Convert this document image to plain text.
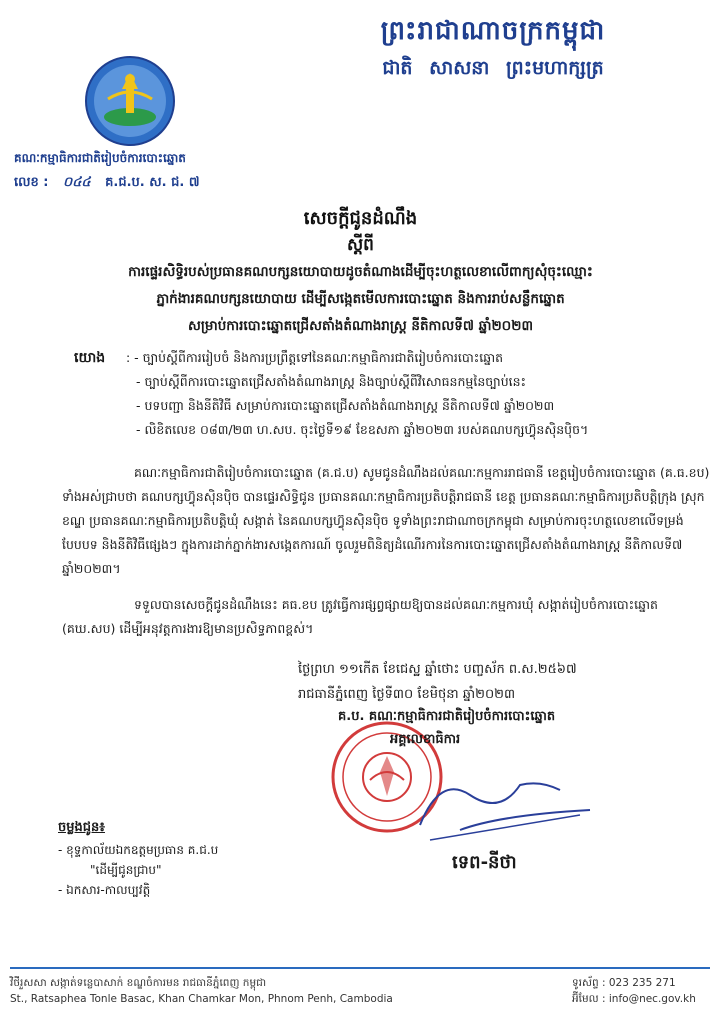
ព្រះរាជាណាចក្រកម្ពុជា
ជាតិ សាសនា ព្រះមហាក្សត្រ
គណៈកម្មាធិការជាតិរៀបចំការបោះឆ្នោត
លេខ : ០៤៤ គ.ជ.ប. ស. ជ. ៧
សេចក្តីជូនដំណឹង
ស្តីពី
ការផ្ទេរសិទ្ធិរបស់ប្រធានគណបក្សនយោបាយដូចតំណាងដើម្បីចុះហត្ថលេខាលើពាក្យសុំចុះឈ្មោះ
ភ្នាក់ងារគណបក្សនយោបាយ ដើម្បីសង្កេតមើលការបោះឆ្នោត និងការរាប់សន្លឹកឆ្នោត
សម្រាប់ការបោះឆ្នោតជ្រើសតាំងតំណាងរាស្ត្រ នីតិកាលទី៧ ឆ្នាំ២០២៣
យោង : - ច្បាប់ស្តីពីការរៀបចំ និងការប្រព្រឹត្តទៅនៃគណៈកម្មាធិការជាតិរៀបចំការបោះឆ្នោត
- ច្បាប់ស្តីពីការបោះឆ្នោតជ្រើសតាំងតំណាងរាស្ត្រ និងច្បាប់ស្តីពីវិសោធនកម្មនៃច្បាប់នេះ
- បទបញ្ជា និងនីតិវិធី សម្រាប់ការបោះឆ្នោតជ្រើសតាំងតំណាងរាស្ត្រ នីតិកាលទី៧ ឆ្នាំ២០២៣
- លិខិតលេខ ០៨៣/២៣ ហ.សប. ចុះថ្ងៃទី១៩ ខែឧសភា ឆ្នាំ២០២៣ របស់គណបក្សហ៊្វុនស៊ិនប៉ិច។
គណៈកម្មាធិការជាតិរៀបចំការបោះឆ្នោត (គ.ជ.ប) សូមជូនដំណឹងដល់គណៈកម្មការរាជធានី ខេត្តរៀបចំការបោះឆ្នោត (គ.ធ.ខប) ទាំងអស់ជ្រាបថា គណបក្សហ៊្វុនស៊ិនប៉ិច បានផ្ទេរសិទ្ធិជូន ប្រធានគណៈកម្មាធិការប្រតិបត្តិរាជធានី ខេត្ត ប្រធានគណៈកម្មាធិការប្រតិបត្តិក្រុង ស្រុក ខណ្ឌ ប្រធានគណៈកម្មាធិការប្រតិបត្តិឃុំ សង្កាត់ នៃគណបក្សហ៊្វុនស៊ិនប៉ិច ទូទាំងព្រះរាជាណាចក្រកម្ពុជា សម្រាប់ការចុះហត្ថលេខាលើទម្រង់បែបបទ និងនីតិវិធីផ្សេងៗ ក្នុងការដាក់ភ្នាក់ងារសង្កេតការណ៍ ចូលរួមពិនិត្យដំណើរការនៃការបោះឆ្នោតជ្រើសតាំងតំណាងរាស្ត្រ នីតិកាលទី៧ ឆ្នាំ២០២៣។
ទទួលបានសេចក្តីជូនដំណឹងនេះ គធ.ខប ត្រូវធ្វើការផ្សព្វផ្សាយឱ្យបានដល់គណៈកម្មការឃុំ សង្កាត់រៀបចំការបោះឆ្នោត (គឃ.សប) ដើម្បីអនុវត្តការងារឱ្យមានប្រសិទ្ធភាពខ្ពស់។
ថ្ងៃព្រហ ១១កើត ខែជេស្ឋ ឆ្នាំថោះ បញ្ចស័ក ព.ស.២៥៦៧
រាជធានីភ្នំពេញ ថ្ងៃទី៣០ ខែមិថុនា ឆ្នាំ២០២៣
គ.ប. គណៈកម្មាធិការជាតិរៀបចំការបោះឆ្នោត
អគ្គលេខាធិការ
ទេព-នីថា
ចម្លងជូន៖
- ខុទ្ទកាល័យឯកឧត្តមប្រធាន គ.ជ.ប
"ដើម្បីជូនជ្រាប"
- ឯកសារ-កាលប្បវត្តិ
វិថីរួសសា សង្កាត់ទន្លេបាសាក់ ខណ្ឌចំការមន រាជធានីភ្នំពេញ កម្ពុជា
St., Ratsaphea Tonle Basac, Khan Chamkar Mon, Phnom Penh, Cambodia
ទូរស័ព្ទ : 023 235 271
អ៊ីមែល : info@nec.gov.kh
